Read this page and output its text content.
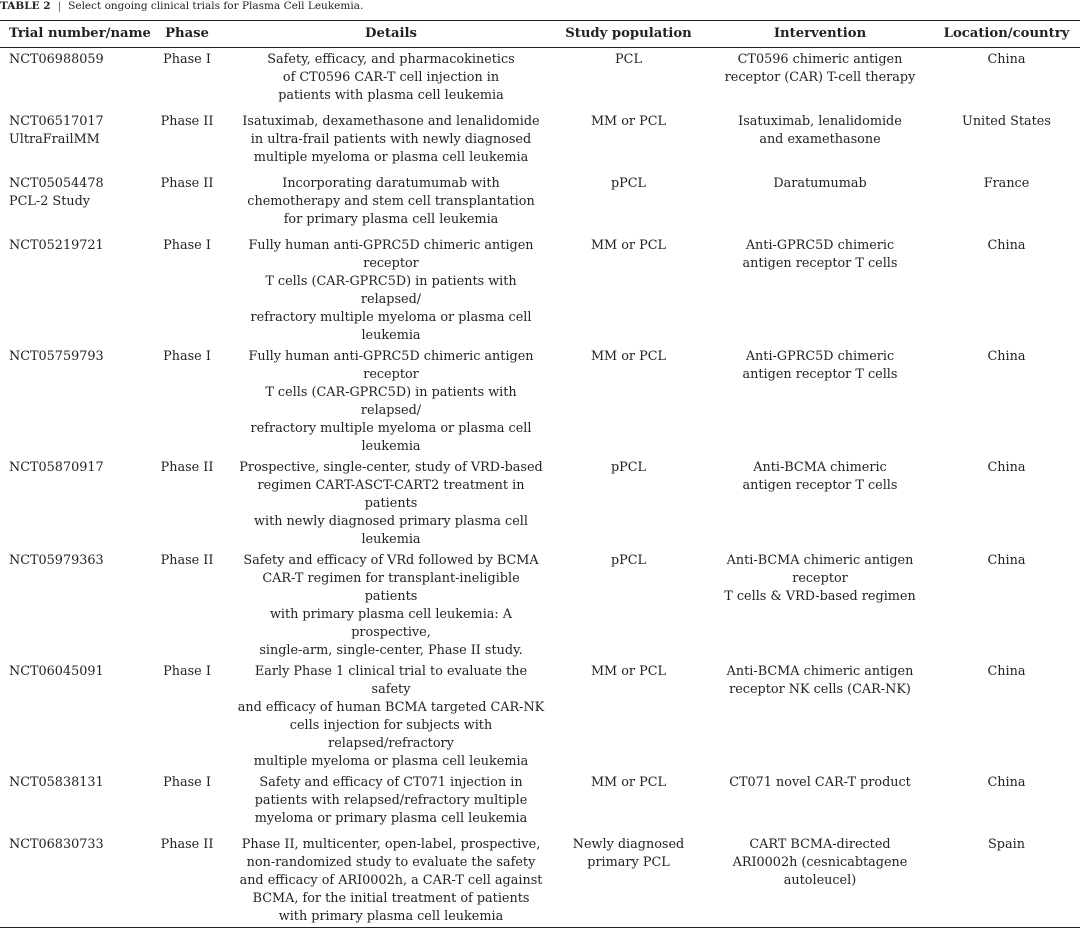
TABLE 2 | Select ongoing clinical trials for Plasma Cell Leukemia.
Trial number/name	Phase	Details	Study population	Intervention	Location/country
NCT06988059	Phase I	Safety, efficacy, and pharmacokinetics
of CT0596 CAR-T cell injection in
patients with plasma cell leukemia	PCL	CT0596 chimeric antigen
receptor (CAR) T-cell therapy	China
NCT06517017
UltraFrailMM	Phase II	Isatuximab, dexamethasone and lenalidomide
in ultra-frail patients with newly diagnosed
multiple myeloma or plasma cell leukemia	MM or PCL	Isatuximab, lenalidomide
and examethasone	United States
NCT05054478
PCL-2 Study	Phase II	Incorporating daratumumab with
chemotherapy and stem cell transplantation
for primary plasma cell leukemia	pPCL	Daratumumab	France
NCT05219721	Phase I	Fully human anti-GPRC5D chimeric antigen receptor
T cells (CAR-GPRC5D) in patients with relapsed/
refractory multiple myeloma or plasma cell leukemia	MM or PCL	Anti-GPRC5D chimeric
antigen receptor T cells	China
NCT05759793	Phase I	Fully human anti-GPRC5D chimeric antigen receptor
T cells (CAR-GPRC5D) in patients with relapsed/
refractory multiple myeloma or plasma cell leukemia	MM or PCL	Anti-GPRC5D chimeric
antigen receptor T cells	China
NCT05870917	Phase II	Prospective, single-center, study of VRD-based
regimen CART-ASCT-CART2 treatment in patients
with newly diagnosed primary plasma cell leukemia	pPCL	Anti-BCMA chimeric
antigen receptor T cells	China
NCT05979363	Phase II	Safety and efficacy of VRd followed by BCMA
CAR-T regimen for transplant-ineligible patients
with primary plasma cell leukemia: A prospective,
single-arm, single-center, Phase II study.	pPCL	Anti-BCMA chimeric antigen receptor
T cells & VRD-based regimen	China
NCT06045091	Phase I	Early Phase 1 clinical trial to evaluate the safety
and efficacy of human BCMA targeted CAR-NK
cells injection for subjects with relapsed/refractory
multiple myeloma or plasma cell leukemia	MM or PCL	Anti-BCMA chimeric antigen
receptor NK cells (CAR-NK)	China
NCT05838131	Phase I	Safety and efficacy of CT071 injection in
patients with relapsed/refractory multiple
myeloma or primary plasma cell leukemia	MM or PCL	CT071 novel CAR-T product	China
NCT06830733	Phase II	Phase II, multicenter, open-label, prospective,
non-randomized study to evaluate the safety
and efficacy of ARI0002h, a CAR-T cell against
BCMA, for the initial treatment of patients
with primary plasma cell leukemia	Newly diagnosed
primary PCL	CART BCMA-directed
ARI0002h (cesnicabtagene autoleucel)	Spain
